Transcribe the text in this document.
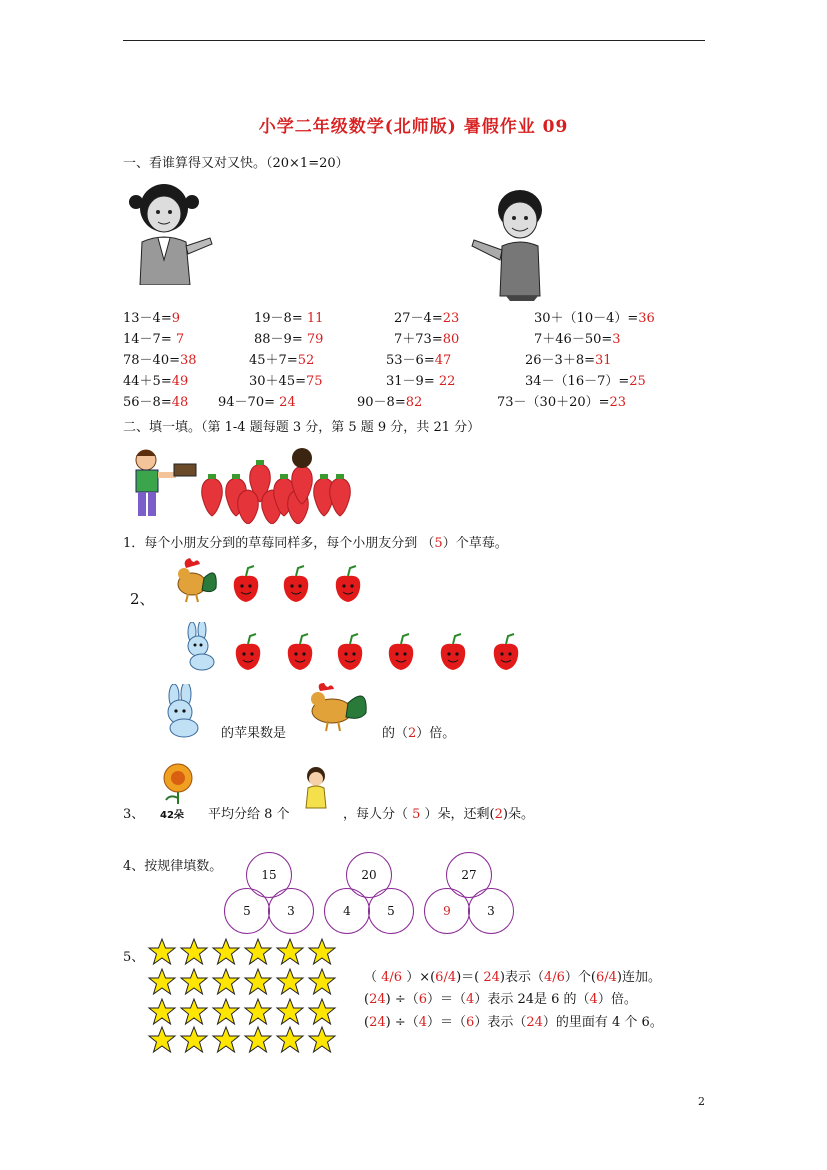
小学二年级数学(北师版) 暑假作业 09
一、看谁算得又对又快。（20×1=20）
13－4=9	19－8= 11	27－4=23	30＋（10－4）=36
14－7= 7	88－9= 79	7＋73=80	7＋46－50=3
78－40=38	45＋7=52	53－6=47	26－3＋8=31
44＋5=49	30＋45=75	31－9= 22	34－（16－7）=25
56－8=48 94－70= 24	90－8=82	73－（30＋20）=23
二、填一填。（第 1-4 题每题 3 分，第 5 题 9 分，共 21 分）
1．每个小朋友分到的草莓同样多，每个小朋友分到 （5）个草莓。
2、
的苹果数是	的（2）倍。
3、 42朵 平均分给 8 个	，每人分（ 5 ）朵，还剩(2)朵。
4、按规律填数。
15
5	3
20
4	5
27
9	3
5、
（ 4/6 ）×(6/4)＝( 24)表示（4/6）个(6/4)连加。
(24) ÷（6）＝（4）表示 24是 6 的（4）倍。
(24) ÷（4）＝（6）表示（24）的里面有 4 个 6。
2
